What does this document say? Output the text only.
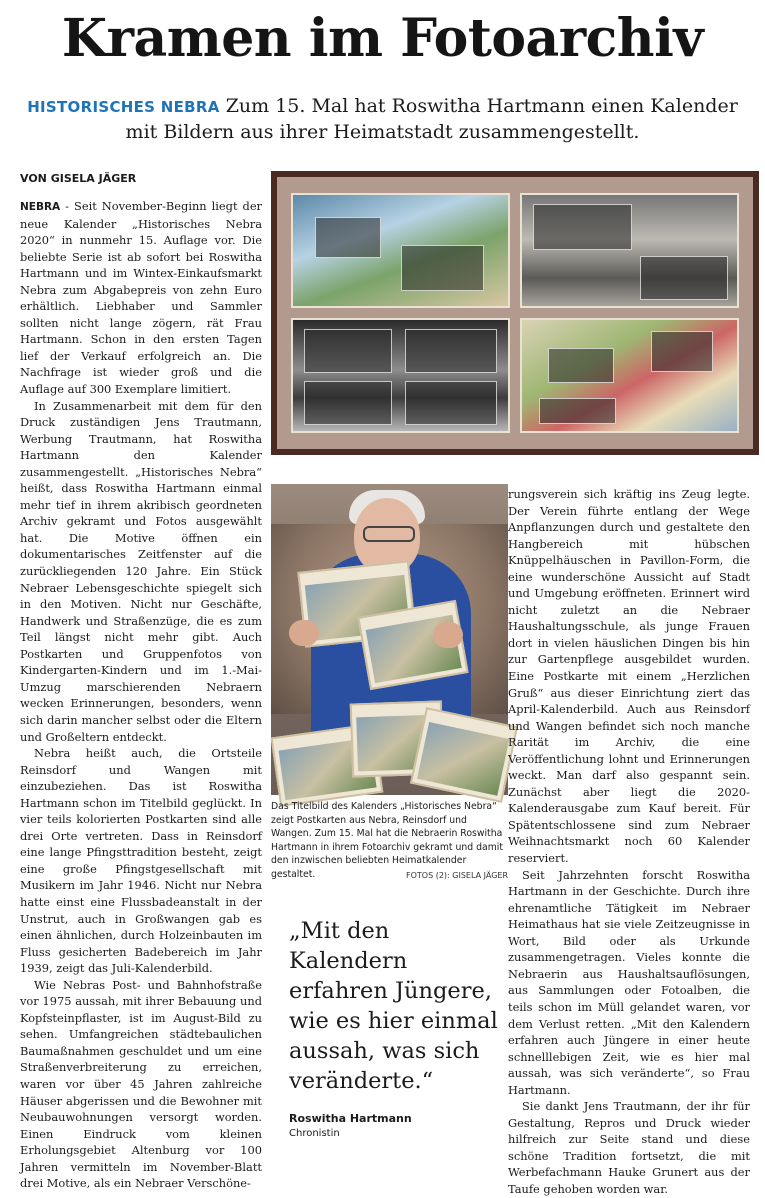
Kramen im Fotoarchiv
HISTORISCHES NEBRA Zum 15. Mal hat Roswitha Hartmann einen Kalender mit Bildern aus ihrer Heimatstadt zusammengestellt.
VON GISELA JÄGER

NEBRA - Seit November-Beginn liegt der neue Kalender „Historisches Nebra 2020“ in nunmehr 15. Auflage vor. Die beliebte Serie ist ab sofort bei Roswitha Hartmann und im Wintex-Einkaufsmarkt Nebra zum Abgabepreis von zehn Euro erhältlich. Liebhaber und Sammler sollten nicht lange zögern, rät Frau Hartmann. Schon in den ersten Tagen lief der Verkauf erfolgreich an. Die Nachfrage ist wieder groß und die Auflage auf 300 Exemplare limitiert.

In Zusammenarbeit mit dem für den Druck zuständigen Jens Trautmann, Werbung Trautmann, hat Roswitha Hartmann den Kalender zusammengestellt. „Historisches Nebra“ heißt, dass Roswitha Hartmann einmal mehr tief in ihrem akribisch geordneten Archiv gekramt und Fotos ausgewählt hat. Die Motive öffnen ein dokumentarisches Zeitfenster auf die zurückliegenden 120 Jahre. Ein Stück Nebraer Lebensgeschichte spiegelt sich in den Motiven. Nicht nur Geschäfte, Handwerk und Straßenzüge, die es zum Teil längst nicht mehr gibt. Auch Postkarten und Gruppenfotos von Kindergarten-Kindern und im 1.-Mai-Umzug marschierenden Nebraern wecken Erinnerungen, besonders, wenn sich darin mancher selbst oder die Eltern und Großeltern entdeckt.

Nebra heißt auch, die Ortsteile Reinsdorf und Wangen mit einzubeziehen. Das ist Roswitha Hartmann schon im Titelbild geglückt. In vier teils kolorierten Postkarten sind alle drei Orte vertreten. Dass in Reinsdorf eine lange Pfingsttradition besteht, zeigt eine große Pfingstgesellschaft mit Musikern im Jahr 1946. Nicht nur Nebra hatte einst eine Flussbadeanstalt in der Unstrut, auch in Großwangen gab es einen ähnlichen, durch Holzeinbauten im Fluss gesicherten Badebereich im Jahr 1939, zeigt das Juli-Kalenderbild.

Wie Nebras Post- und Bahnhofstraße vor 1975 aussah, mit ihrer Bebauung und Kopfsteinpflaster, ist im August-Bild zu sehen. Umfangreichen städtebaulichen Baumaßnahmen geschuldet und um eine Straßenverbreiterung zu erreichen, waren vor über 45 Jahren zahlreiche Häuser abgerissen und die Bewohner mit Neubauwohnungen versorgt worden. Einen Eindruck vom kleinen Erholungsgebiet Altenburg vor 100 Jahren vermitteln im November-Blatt drei Motive, als ein Nebraer Verschöne-

Das Titelbild des Kalenders „Historisches Nebra“ zeigt Postkarten aus Nebra, Reinsdorf und Wangen. Zum 15. Mal hat die Nebraerin Roswitha Hartmann in ihrem Fotoarchiv gekramt und damit den inzwischen beliebten Heimatkalender gestaltet.	FOTOS (2): GISELA JÄGER
„Mit den Kalendern erfahren Jüngere, wie es hier einmal aussah, was sich veränderte.“
Roswitha Hartmann
Chronistin

rungsverein sich kräftig ins Zeug legte. Der Verein führte entlang der Wege Anpflanzungen durch und gestaltete den Hangbereich mit hübschen Knüppelhäuschen in Pavillon-Form, die eine wunderschöne Aussicht auf Stadt und Umgebung eröffneten. Erinnert wird nicht zuletzt an die Nebraer Haushaltungsschule, als junge Frauen dort in vielen häuslichen Dingen bis hin zur Gartenpflege ausgebildet wurden. Eine Postkarte mit einem „Herzlichen Gruß“ aus dieser Einrichtung ziert das April-Kalenderbild. Auch aus Reinsdorf und Wangen befindet sich noch manche Rarität im Archiv, die eine Veröffentlichung lohnt und Erinnerungen weckt. Man darf also gespannt sein. Zunächst aber liegt die 2020-Kalenderausgabe zum Kauf bereit. Für Spätentschlossene sind zum Nebraer Weihnachtsmarkt noch 60 Kalender reserviert.

Seit Jahrzehnten forscht Roswitha Hartmann in der Geschichte. Durch ihre ehrenamtliche Tätigkeit im Nebraer Heimathaus hat sie viele Zeitzeugnisse in Wort, Bild oder als Urkunde zusammengetragen. Vieles konnte die Nebraerin aus Haushaltsauflösungen, aus Sammlungen oder Fotoalben, die teils schon im Müll gelandet waren, vor dem Verlust retten. „Mit den Kalendern erfahren auch Jüngere in einer heute schnelllebigen Zeit, wie es hier mal aussah, was sich veränderte“, so Frau Hartmann.

Sie dankt Jens Trautmann, der ihr für Gestaltung, Repros und Druck wieder hilfreich zur Seite stand und diese schöne Tradition fortsetzt, die mit Werbefachmann Hauke Grunert aus der Taufe gehoben worden war.
